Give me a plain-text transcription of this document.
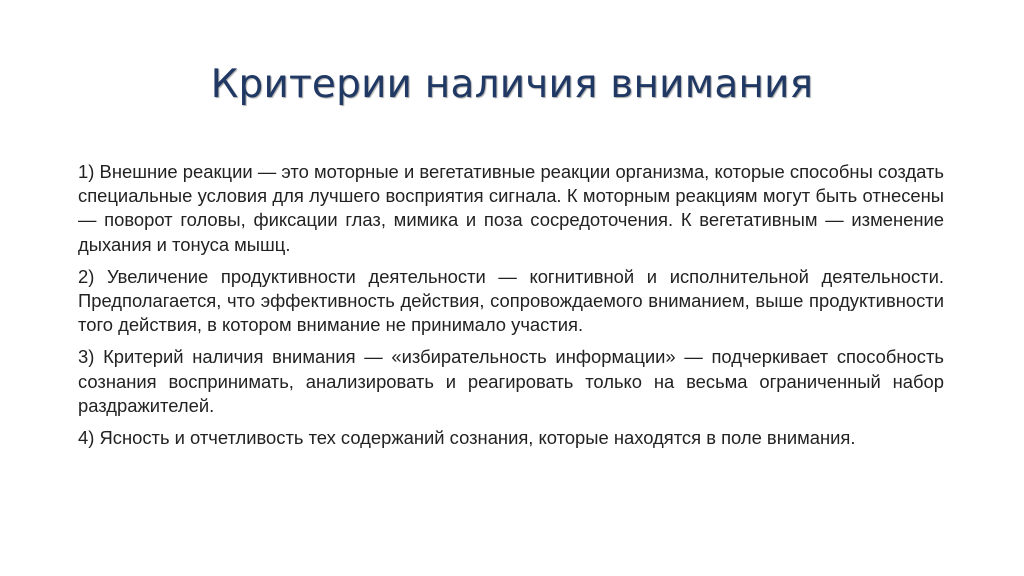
Критерии наличия внимания

1) Внешние реакции — это моторные и вегетативные реакции организма, которые способны создать специальные условия для лучшего восприятия сигнала. К моторным реакциям могут быть отнесены — поворот головы, фиксации глаз, мимика и поза сосредоточения. К вегетативным — изменение дыхания и тонуса мышц.

2) Увеличение продуктивности деятельности — когнитивной и исполнительной деятельности. Предполагается, что эффективность действия, сопровождаемого вниманием, выше продуктивности того действия, в котором внимание не принимало участия.

3) Критерий наличия внимания — «избирательность информации» — подчеркивает способность сознания воспринимать, анализировать и реагировать только на весьма ограниченный набор раздражителей.

4) Ясность и отчетливость тех содержаний сознания, которые находятся в поле внимания.
